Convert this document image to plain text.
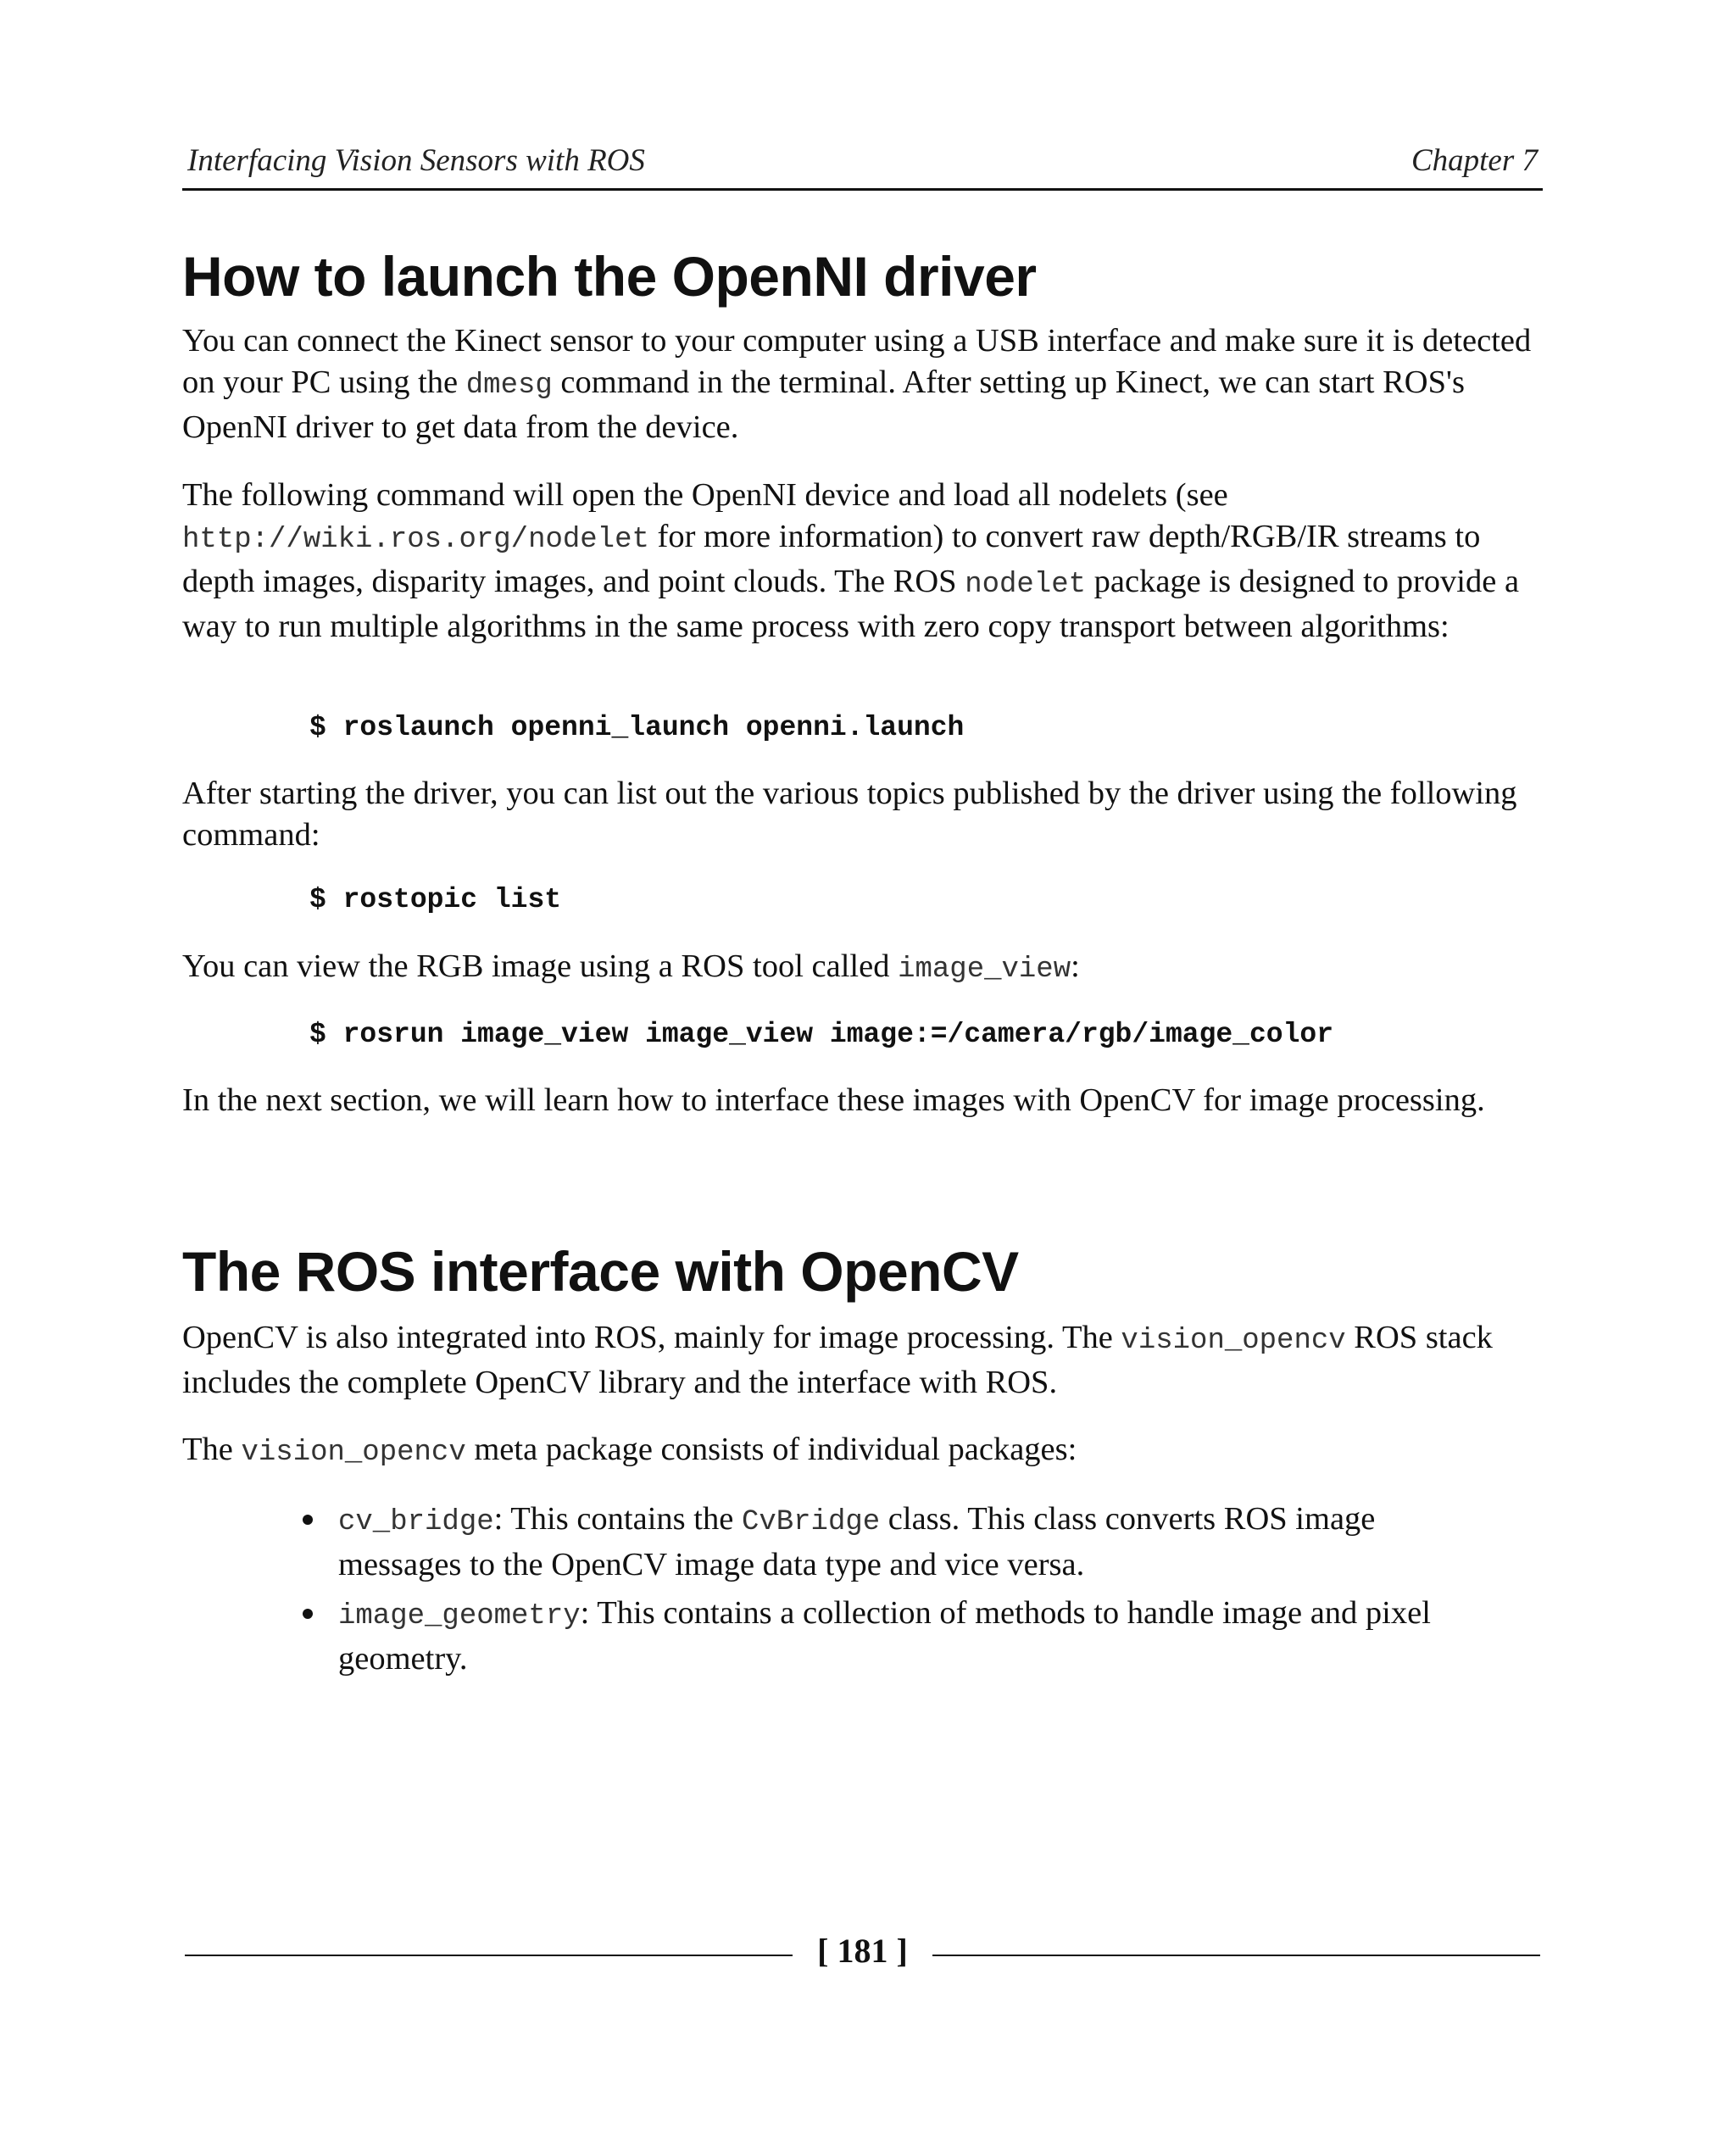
Interfacing Vision Sensors with ROS	Chapter 7
How to launch the OpenNI driver

You can connect the Kinect sensor to your computer using a USB interface and make sure it is detected on your PC using the dmesg command in the terminal. After setting up Kinect, we can start ROS's OpenNI driver to get data from the device.

The following command will open the OpenNI device and load all nodelets (see http://wiki.ros.org/nodelet for more information) to convert raw depth/RGB/IR streams to depth images, disparity images, and point clouds. The ROS nodelet package is designed to provide a way to run multiple algorithms in the same process with zero copy transport between algorithms:

$ roslaunch openni_launch openni.launch

After starting the driver, you can list out the various topics published by the driver using the following command:

$ rostopic list

You can view the RGB image using a ROS tool called image_view:

$ rosrun image_view image_view image:=/camera/rgb/image_color

In the next section, we will learn how to interface these images with OpenCV for image processing.

The ROS interface with OpenCV

OpenCV is also integrated into ROS, mainly for image processing. The vision_opencv ROS stack includes the complete OpenCV library and the interface with ROS.

The vision_opencv meta package consists of individual packages:

cv_bridge: This contains the CvBridge class. This class converts ROS image messages to the OpenCV image data type and vice versa.
image_geometry: This contains a collection of methods to handle image and pixel geometry.
[ 181 ]
